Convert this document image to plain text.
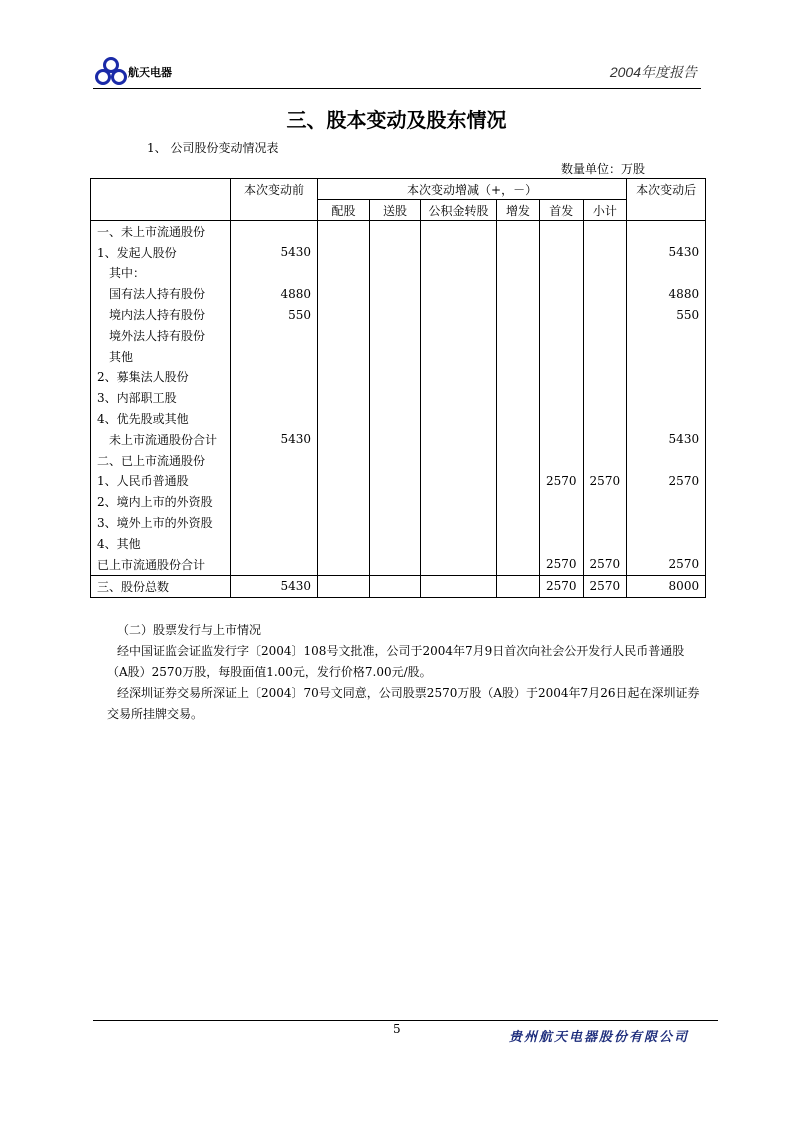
航天电器	2004年度报告
三、股本变动及股东情况
1、 公司股份变动情况表
数量单位：万股
	本次变动前	本次变动增减（+，－）						本次变动后
		配股	送股	公积金转股	增发	首发	小计	
一、未上市流通股份								
1、发起人股份	5430							5430
其中：								
国有法人持有股份	4880							4880
境内法人持有股份	550							550
境外法人持有股份								
其他								
2、募集法人股份								
3、内部职工股								
4、优先股或其他								
未上市流通股份合计	5430							5430
二、已上市流通股份								
1、人民币普通股						2570	2570	2570
2、境内上市的外资股								
3、境外上市的外资股								
4、其他								
已上市流通股份合计						2570	2570	2570
三、股份总数	5430					2570	2570	8000
（二）股票发行与上市情况
经中国证监会证监发行字〔2004〕108号文批准，公司于2004年7月9日首次向社会公开发行人民币普通股（A股）2570万股，每股面值1.00元，发行价格7.00元/股。
经深圳证券交易所深证上〔2004〕70号文同意，公司股票2570万股（A股）于2004年7月26日起在深圳证券交易所挂牌交易。
5
贵州航天电器股份有限公司
